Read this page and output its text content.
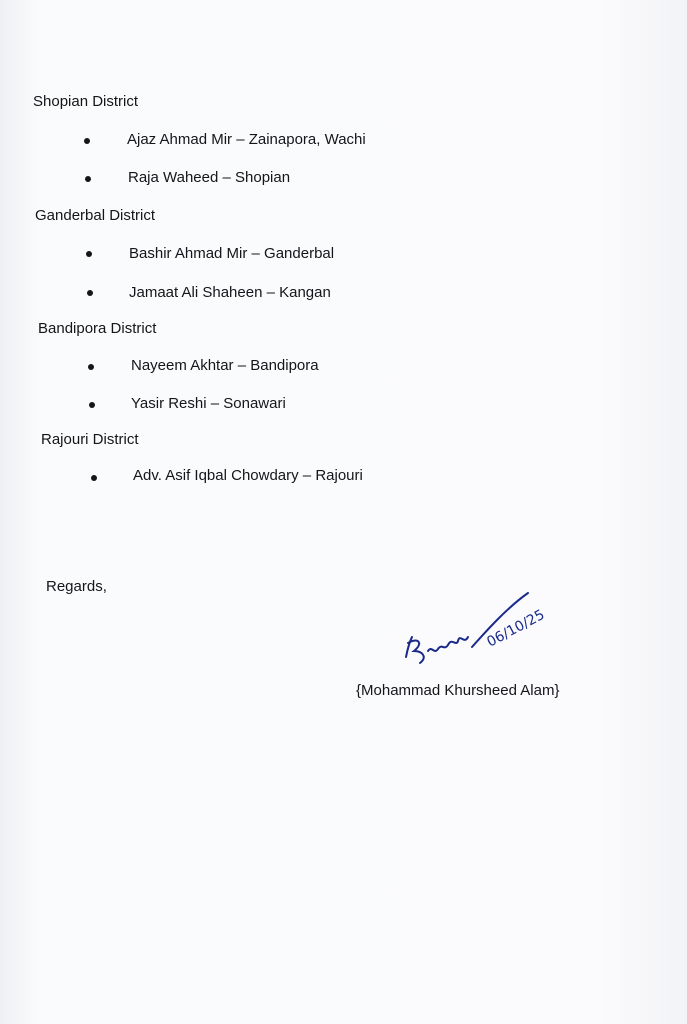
Shopian District
Ajaz Ahmad Mir – Zainapora, Wachi
Raja Waheed – Shopian
Ganderbal District
Bashir Ahmad Mir – Ganderbal
Jamaat Ali Shaheen – Kangan
Bandipora District
Nayeem Akhtar – Bandipora
Yasir Reshi – Sonawari
Rajouri District
Adv. Asif Iqbal Chowdary – Rajouri
Regards,
06/10/25
{Mohammad Khursheed Alam}
